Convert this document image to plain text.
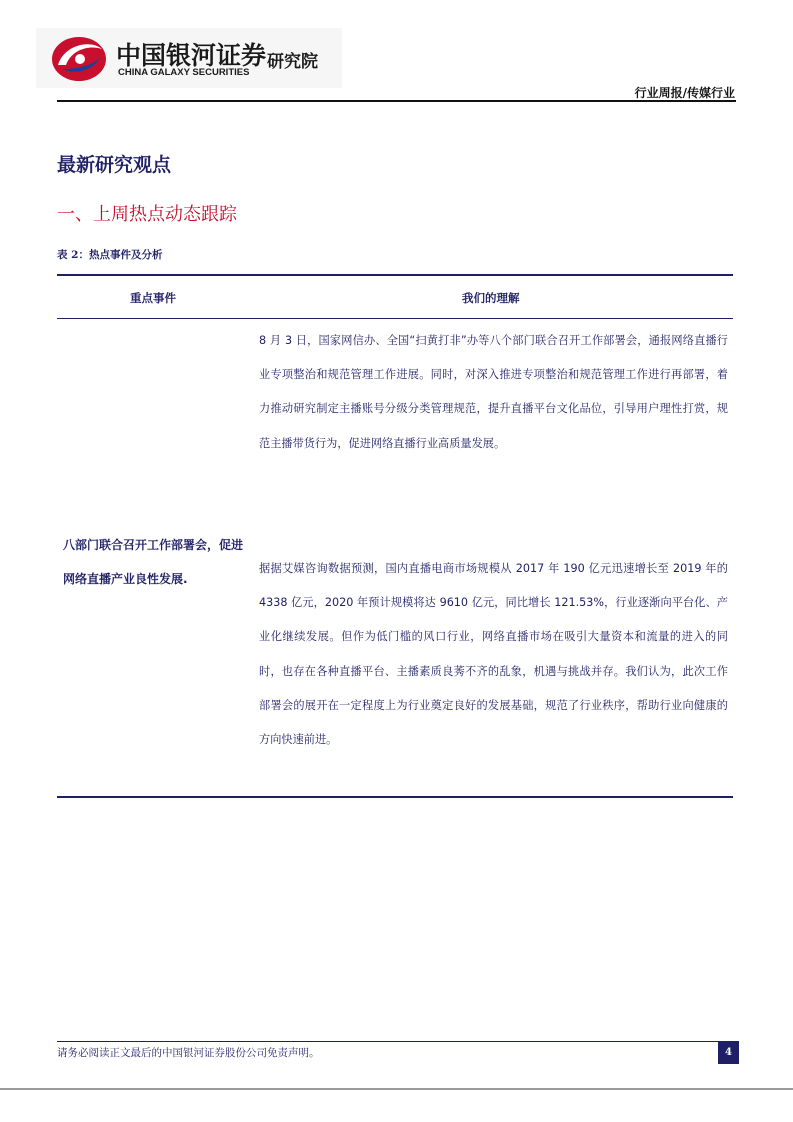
中国银河证券
CHINA GALAXY SECURITIES
研究院
行业周报/传媒行业
最新研究观点
一、上周热点动态跟踪
表 2：热点事件及分析
重点事件	我们的理解
八部门联合召开工作部署会，促进网络直播产业良性发展.
8 月 3 日，国家网信办、全国“扫黄打非”办等八个部门联合召开工作部署会，通报网络直播行业专项整治和规范管理工作进展。同时，对深入推进专项整治和规范管理工作进行再部署，着力推动研究制定主播账号分级分类管理规范，提升直播平台文化品位，引导用户理性打赏，规范主播带货行为，促进网络直播行业高质量发展。
据据艾媒咨询数据预测，国内直播电商市场规模从 2017 年 190 亿元迅速增长至 2019 年的 4338 亿元，2020 年预计规模将达 9610 亿元，同比增长 121.53%，行业逐渐向平台化、产业化继续发展。但作为低门槛的风口行业，网络直播市场在吸引大量资本和流量的进入的同时，也存在各种直播平台、主播素质良莠不齐的乱象，机遇与挑战并存。我们认为，此次工作部署会的展开在一定程度上为行业奠定良好的发展基础，规范了行业秩序，帮助行业向健康的方向快速前进。
请务必阅读正文最后的中国银河证券股份公司免责声明。	4
